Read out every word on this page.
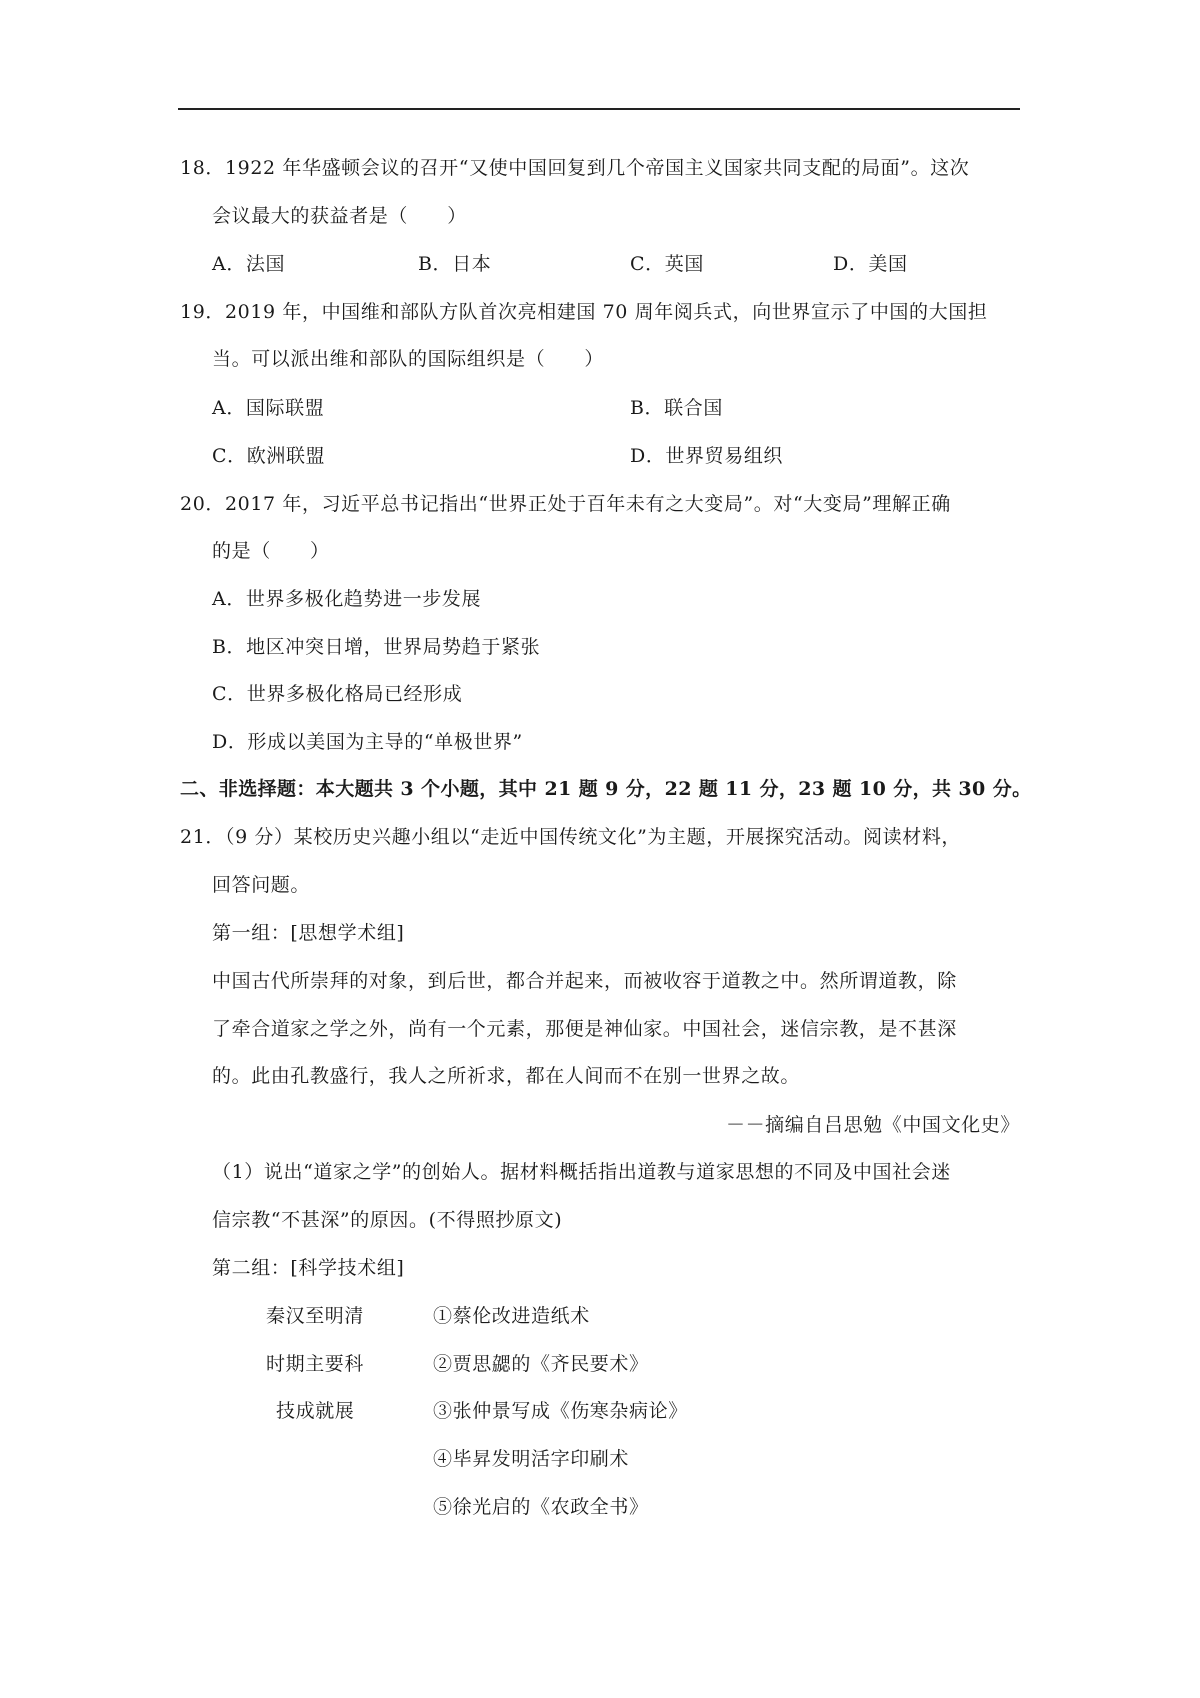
18．1922 年华盛顿会议的召开“又使中国回复到几个帝国主义国家共同支配的局面”。这次
会议最大的获益者是（　　）
A．法国	B．日本	C．英国	D．美国
19．2019 年，中国维和部队方队首次亮相建国 70 周年阅兵式，向世界宣示了中国的大国担
当。可以派出维和部队的国际组织是（　　）
A．国际联盟	B．联合国
C．欧洲联盟	D．世界贸易组织
20．2017 年，习近平总书记指出“世界正处于百年未有之大变局”。对“大变局”理解正确
的是（　　）
A．世界多极化趋势进一步发展
B．地区冲突日增，世界局势趋于紧张
C．世界多极化格局已经形成
D．形成以美国为主导的“单极世界”
二、非选择题：本大题共 3 个小题，其中 21 题 9 分，22 题 11 分，23 题 10 分，共 30 分。
21．（9 分）某校历史兴趣小组以“走近中国传统文化”为主题，开展探究活动。阅读材料，
回答问题。
第一组：[思想学术组]
中国古代所崇拜的对象，到后世，都合并起来，而被收容于道教之中。然所谓道教，除
了牵合道家之学之外，尚有一个元素，那便是神仙家。中国社会，迷信宗教，是不甚深
的。此由孔教盛行，我人之所祈求，都在人间而不在别一世界之故。
－－摘编自吕思勉《中国文化史》
（1）说出“道家之学”的创始人。据材料概括指出道教与道家思想的不同及中国社会迷
信宗教“不甚深”的原因。(不得照抄原文)
第二组：[科学技术组]
秦汉至明清
时期主要科
技成就展
①蔡伦改进造纸术
②贾思勰的《齐民要术》
③张仲景写成《伤寒杂病论》
④毕昇发明活字印刷术
⑤徐光启的《农政全书》
